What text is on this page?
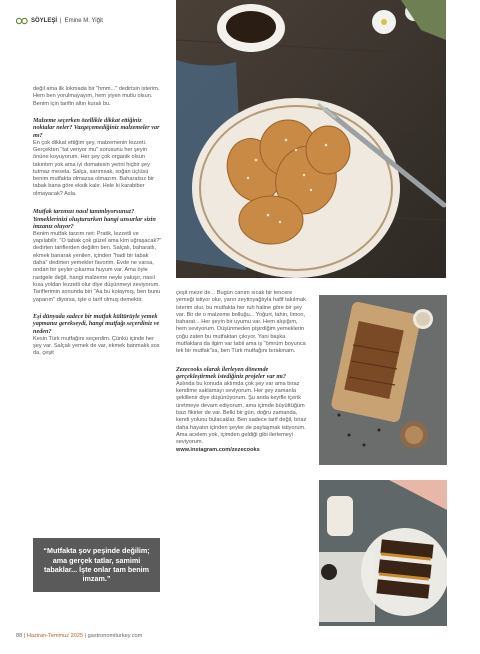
SÖYLEŞİ | Emine M. Yiğit

değil ama ilk lokmada bir "hmm..." dedirtsin isterim. Hem ben yorulmayayım, hem yiyen mutlu olsun. Benim için tarifin altın kuralı bu.

Malzeme seçerken özellikle dikkat ettiğiniz noktalar neler? Vazgeçemediğiniz malzemeler var mı?

En çok dikkat ettiğim şey, malzemenin lezzeti. Gerçekten "tat veriyor mu" sorusunu her şeyin önüne koyuyorum. Her şey çok organik olsun takıntım yok ama iyi domatesin yerini hiçbir şey tutmaz mesela. Salça, sarımsak, soğan üçlüsü benim mutfakta olmazsa olmazım. Baharatsız bir tabak bana göre eksik kalır. Hele ki karabiber olmayacak? Asla.

Mutfak tarzınızı nasıl tanımlıyorsunuz? Yemeklerinizi oluştururken hangi unsurlar sizin imzanız oluyor?

Benim mutfak tarzım net: Pratik, lezzetli ve yapılabilir. "O tabak çok güzel ama kim uğraşacak?" dedirten tariflerden değilim ben. Salçalı, baharatlı, ekmek banarak yenilen, içinden "hadi bir tabak daha" dedirten yemekler favorim. Evde ne varsa, ondan bir şeyler çıkarma huyum var. Ama öyle rastgele değil, hangi malzeme neyle yakışır, nasıl kısa yoldan lezzetli olur diye düşünmeyi seviyorum. Tariflerimin sonunda biri "Aa bu kolaymış, ben bunu yaparım" diyorsa, işte o tarif olmuş demektir.

Eşi dünyada sadece bir mutfak kültürüyle yemek yapmanız gerekseydi, hangi mutfağı seçerdiniz ve neden?

Kesin Türk mutfağını seçerdim. Çünkü içinde her şey var. Salçalı yemek de var, ekmek banmalık sos da, çeşit

“Mutfakta şov peşinde değilim; ama gerçek tatlar, samimi tabaklar... İşte onlar tam benim imzam.”

çeşit meze de... Bugün canım sıcak bir tencere yemeği istiyor olur, yarın zeytinyağlıyla hafif takılmak isterim olur, bu mutfakta her ruh haline göre bir şey var. Bir de o malzeme bolluğu... Yoğurt, tahin, limon, baharat... Her şeyin bir uyumu var. Hem alışığım, hem seviyorum. Düşünmeden pişirdiğim yemeklerin çoğu zaten bu mutfaktan çıkıyor. Yani başka mutfaklara da ilgim var tabii ama iş "ömrüm boyunca tek bir mutfak"sa, ben Türk mutfağını bırakmam.

Zezecooks olarak ilerleyen dönemde gerçekleştirmek istediğiniz projeler var mı?

Aslında bu konuda aklımda çok şey var ama biraz kendime saklamayı seviyorum. Her şey zamanla şekillenir diye düşünüyorum. Şu anda keyifle içerik üretmeye devam ediyorum, ama içimde büyüttüğüm bazı fikirler de var. Belki bir gün, doğru zamanda, kendi yolunu bulacaklar. Ben sadece tarif değil, biraz daha hayatın içinden şeyler de paylaşmak istiyorum. Ama acelem yok, içimden geldiği gibi ilerlemeyi seviyorum.

www.instagram.com/zezecooks

88 | Haziran-Temmuz 2025 | gastronomiturkey.com
